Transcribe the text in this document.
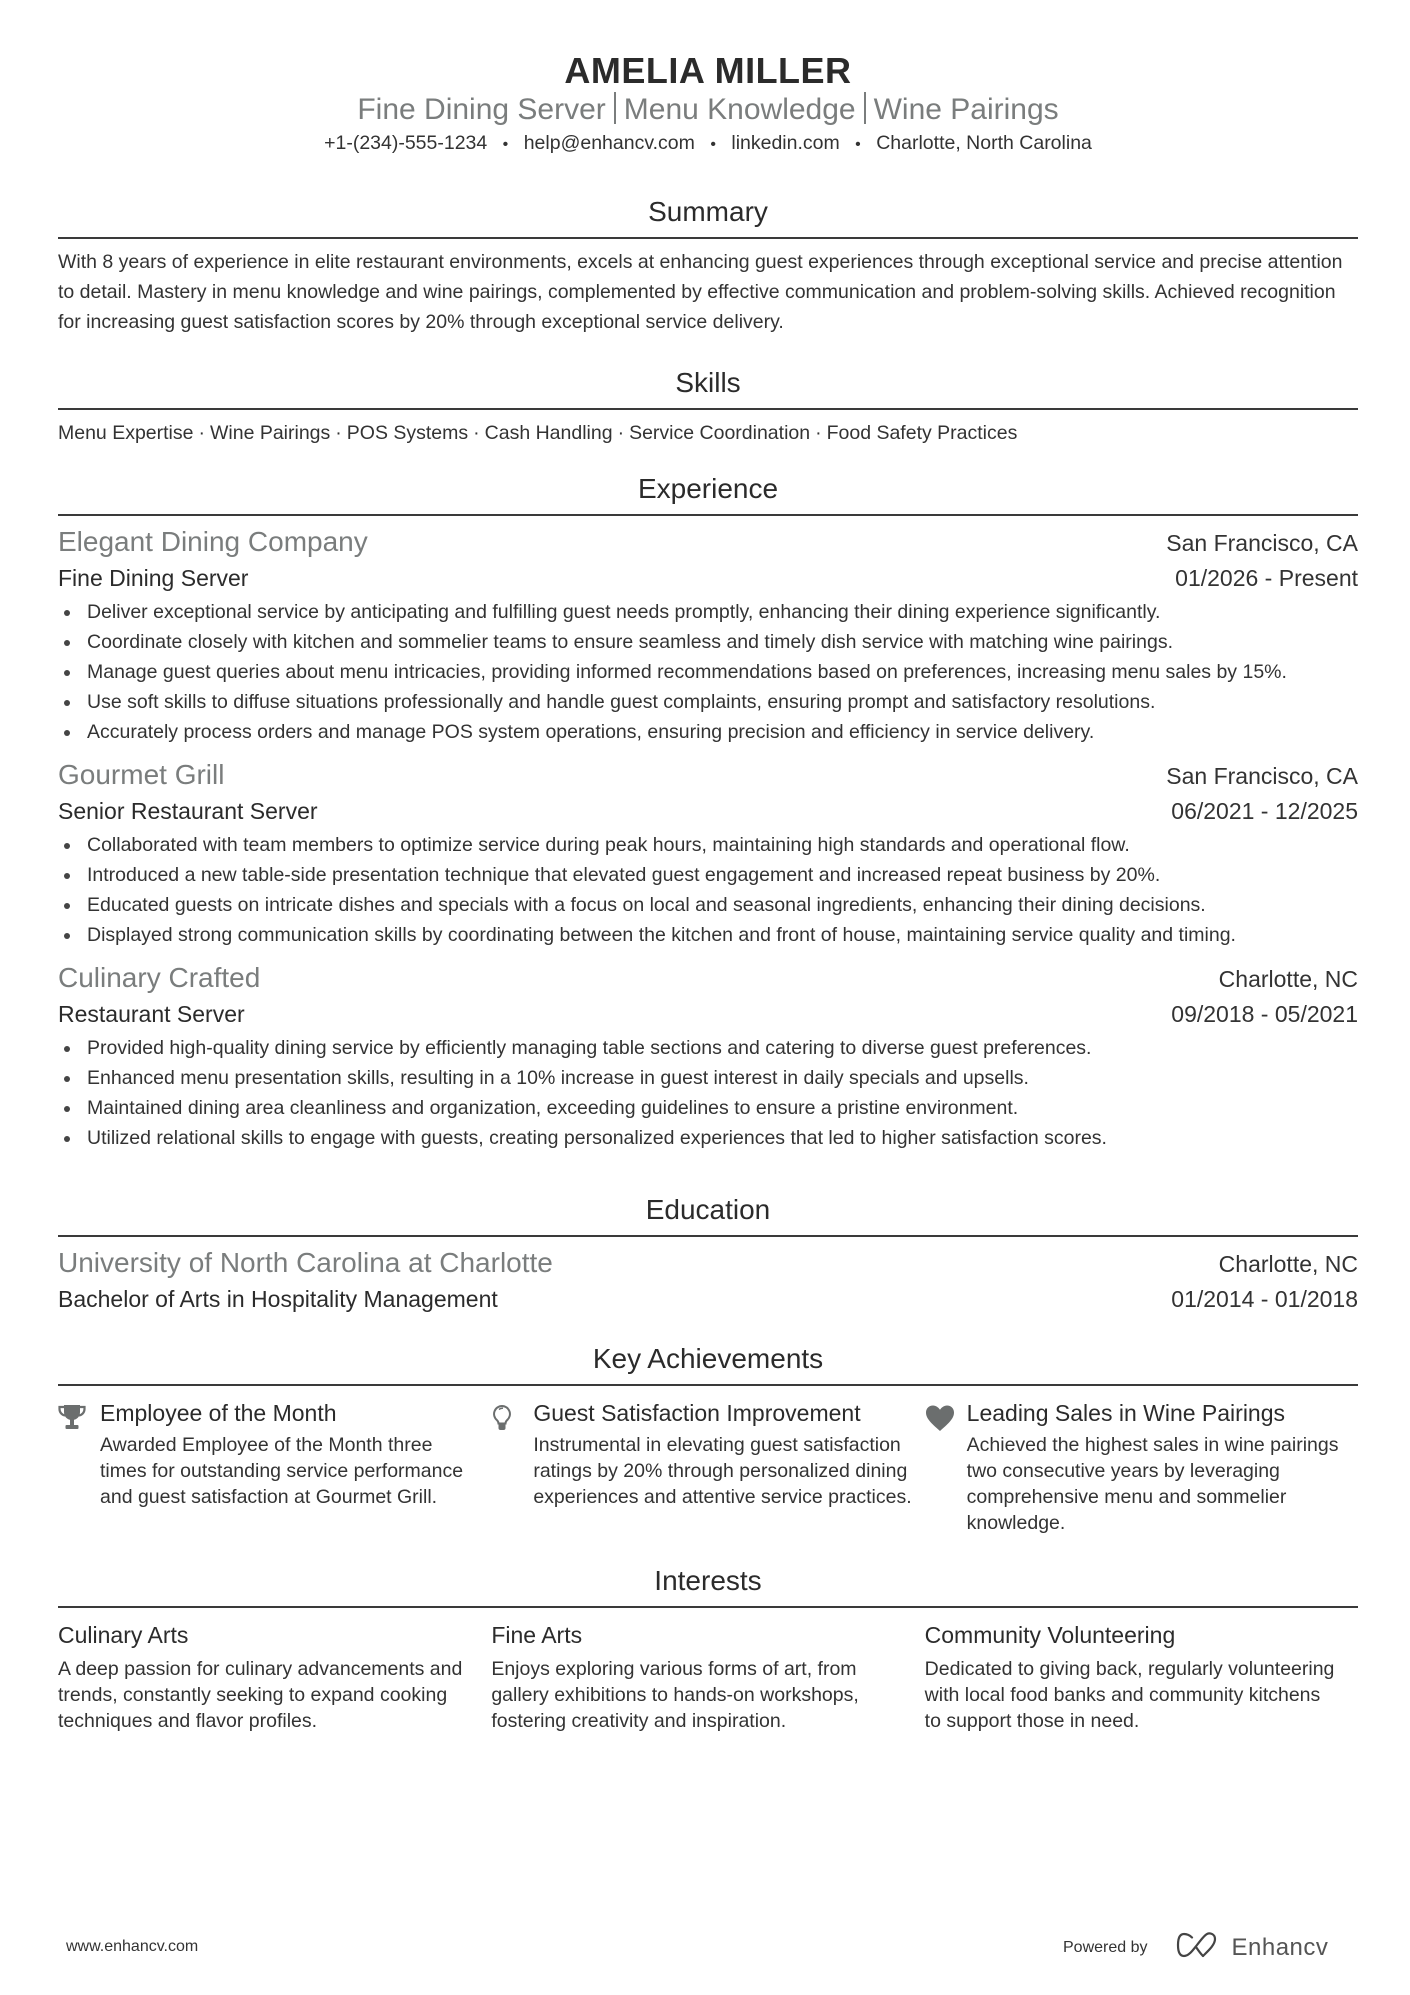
AMELIA MILLER
Fine Dining Server Menu Knowledge Wine Pairings
+1-(234)-555-1234 • help@enhancv.com • linkedin.com • Charlotte, North Carolina
Summary
With 8 years of experience in elite restaurant environments, excels at enhancing guest experiences through exceptional service and precise attention to detail. Mastery in menu knowledge and wine pairings, complemented by effective communication and problem-solving skills. Achieved recognition for increasing guest satisfaction scores by 20% through exceptional service delivery.
Skills
Menu Expertise · Wine Pairings · POS Systems · Cash Handling · Service Coordination · Food Safety Practices
Experience
Elegant Dining Company	San Francisco, CA
Fine Dining Server	01/2026 - Present
Deliver exceptional service by anticipating and fulfilling guest needs promptly, enhancing their dining experience significantly.
Coordinate closely with kitchen and sommelier teams to ensure seamless and timely dish service with matching wine pairings.
Manage guest queries about menu intricacies, providing informed recommendations based on preferences, increasing menu sales by 15%.
Use soft skills to diffuse situations professionally and handle guest complaints, ensuring prompt and satisfactory resolutions.
Accurately process orders and manage POS system operations, ensuring precision and efficiency in service delivery.
Gourmet Grill	San Francisco, CA
Senior Restaurant Server	06/2021 - 12/2025
Collaborated with team members to optimize service during peak hours, maintaining high standards and operational flow.
Introduced a new table-side presentation technique that elevated guest engagement and increased repeat business by 20%.
Educated guests on intricate dishes and specials with a focus on local and seasonal ingredients, enhancing their dining decisions.
Displayed strong communication skills by coordinating between the kitchen and front of house, maintaining service quality and timing.
Culinary Crafted	Charlotte, NC
Restaurant Server	09/2018 - 05/2021
Provided high-quality dining service by efficiently managing table sections and catering to diverse guest preferences.
Enhanced menu presentation skills, resulting in a 10% increase in guest interest in daily specials and upsells.
Maintained dining area cleanliness and organization, exceeding guidelines to ensure a pristine environment.
Utilized relational skills to engage with guests, creating personalized experiences that led to higher satisfaction scores.
Education
University of North Carolina at Charlotte	Charlotte, NC
Bachelor of Arts in Hospitality Management	01/2014 - 01/2018
Key Achievements
Employee of the Month
Awarded Employee of the Month three times for outstanding service performance and guest satisfaction at Gourmet Grill.
Guest Satisfaction Improvement
Instrumental in elevating guest satisfaction ratings by 20% through personalized dining experiences and attentive service practices.
Leading Sales in Wine Pairings
Achieved the highest sales in wine pairings two consecutive years by leveraging comprehensive menu and sommelier knowledge.
Interests
Culinary Arts
A deep passion for culinary advancements and trends, constantly seeking to expand cooking techniques and flavor profiles.
Fine Arts
Enjoys exploring various forms of art, from gallery exhibitions to hands-on workshops, fostering creativity and inspiration.
Community Volunteering
Dedicated to giving back, regularly volunteering with local food banks and community kitchens to support those in need.
www.enhancv.com	Powered by	Enhancv
